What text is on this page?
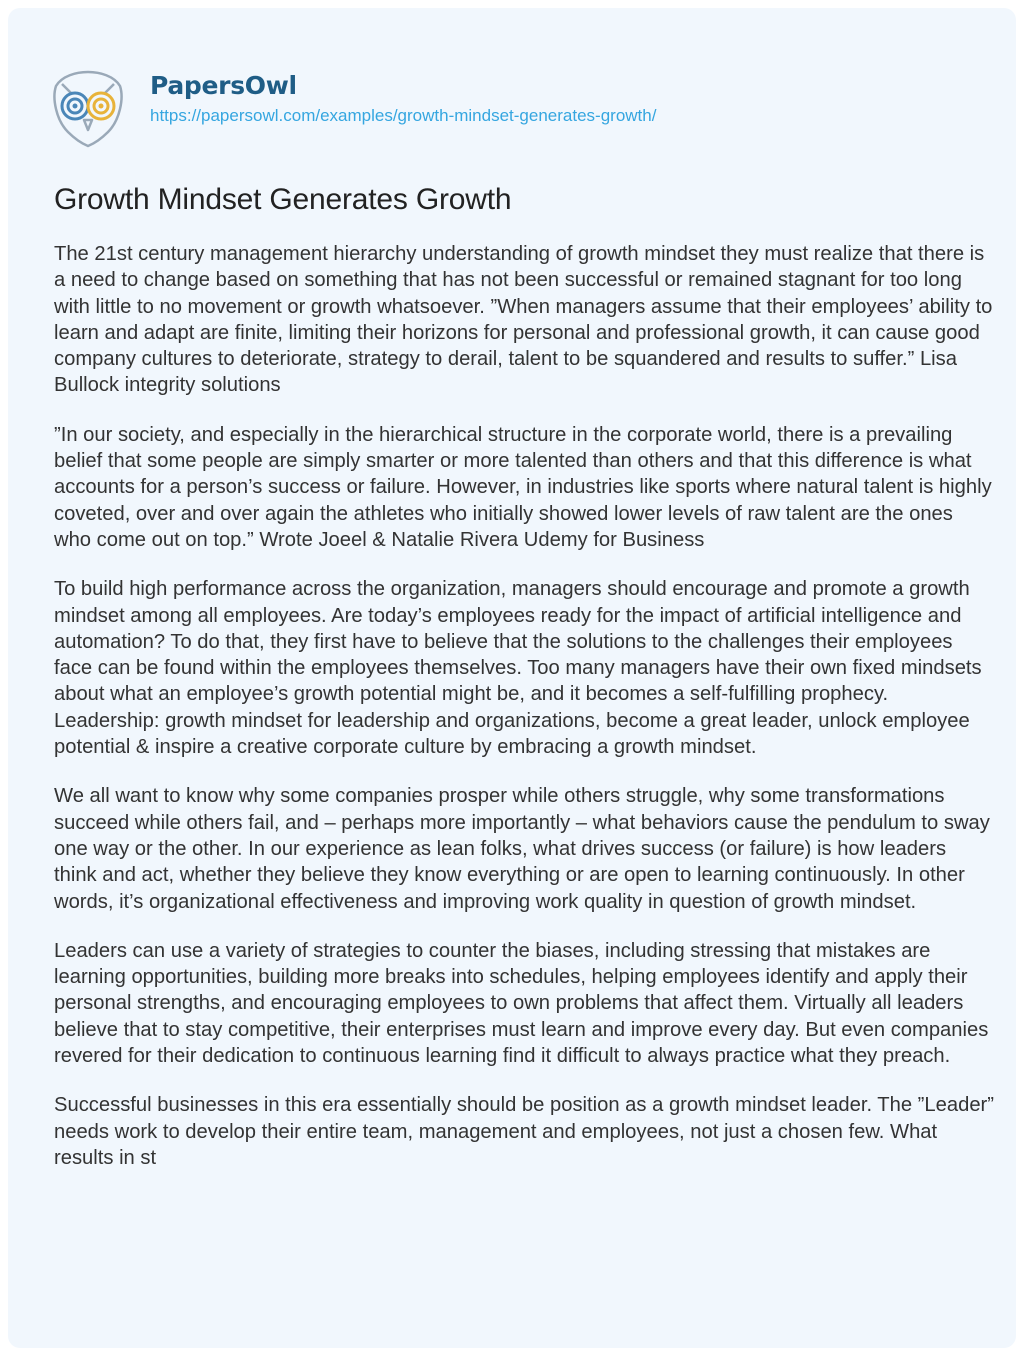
PapersOwl
https://papersowl.com/examples/growth-mindset-generates-growth/
Growth Mindset Generates Growth

The 21st century management hierarchy understanding of growth mindset they must realize that there is a need to change based on something that has not been successful or remained stagnant for too long with little to no movement or growth whatsoever. ”When managers assume that their employees’ ability to learn and adapt are finite, limiting their horizons for personal and professional growth, it can cause good company cultures to deteriorate, strategy to derail, talent to be squandered and results to suffer.” Lisa Bullock integrity solutions

”In our society, and especially in the hierarchical structure in the corporate world, there is a prevailing belief that some people are simply smarter or more talented than others and that this difference is what accounts for a person’s success or failure. However, in industries like sports where natural talent is highly coveted, over and over again the athletes who initially showed lower levels of raw talent are the ones who come out on top.” Wrote Joeel & Natalie Rivera Udemy for Business

To build high performance across the organization, managers should encourage and promote a growth mindset among all employees. Are today’s employees ready for the impact of artificial intelligence and automation? To do that, they first have to believe that the solutions to the challenges their employees face can be found within the employees themselves. Too many managers have their own fixed mindsets about what an employee’s growth potential might be, and it becomes a self-fulfilling prophecy. Leadership: growth mindset for leadership and organizations, become a great leader, unlock employee potential & inspire a creative corporate culture by embracing a growth mindset.

We all want to know why some companies prosper while others struggle, why some transformations succeed while others fail, and – perhaps more importantly – what behaviors cause the pendulum to sway one way or the other. In our experience as lean folks, what drives success (or failure) is how leaders think and act, whether they believe they know everything or are open to learning continuously. In other words, it’s organizational effectiveness and improving work quality in question of growth mindset.

Leaders can use a variety of strategies to counter the biases, including stressing that mistakes are learning opportunities, building more breaks into schedules, helping employees identify and apply their personal strengths, and encouraging employees to own problems that affect them. Virtually all leaders believe that to stay competitive, their enterprises must learn and improve every day. But even companies revered for their dedication to continuous learning find it difficult to always practice what they preach.

Successful businesses in this era essentially should be position as a growth mindset leader. The ”Leader” needs work to develop their entire team, management and employees, not just a chosen few. What results in st
